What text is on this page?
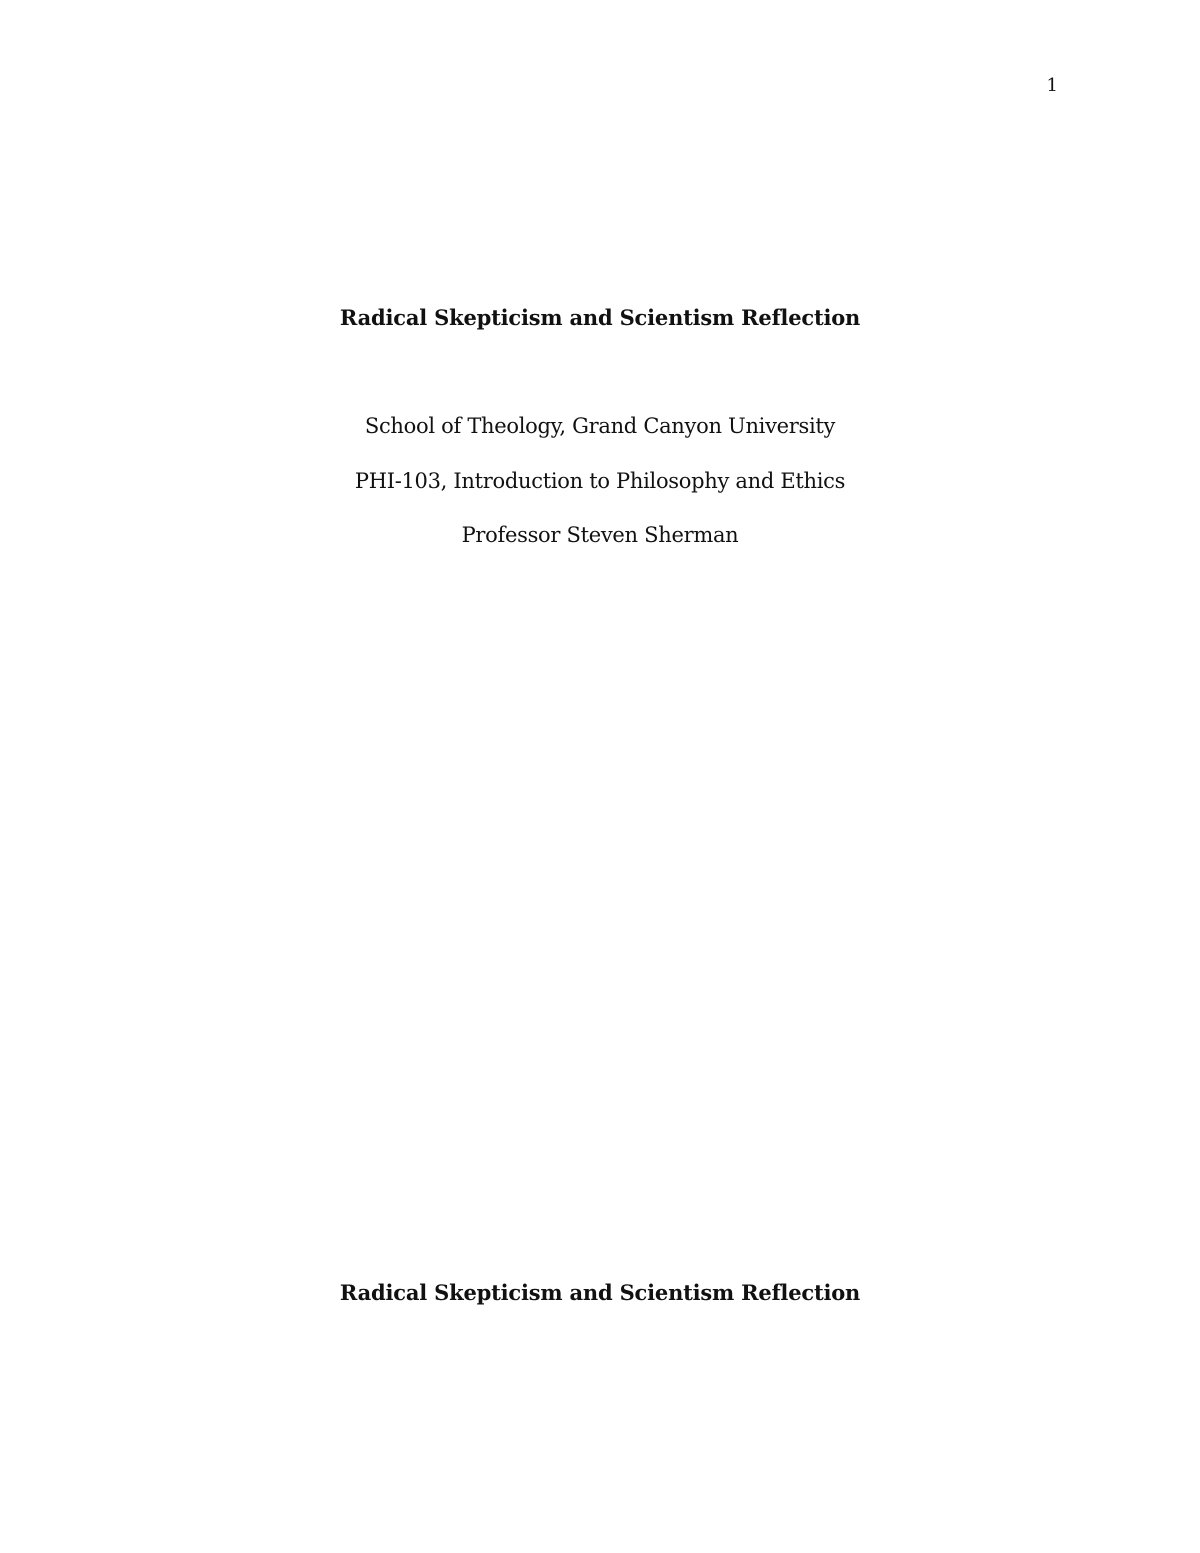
1
Radical Skepticism and Scientism Reflection
School of Theology, Grand Canyon University
PHI-103, Introduction to Philosophy and Ethics
Professor Steven Sherman
Radical Skepticism and Scientism Reflection
